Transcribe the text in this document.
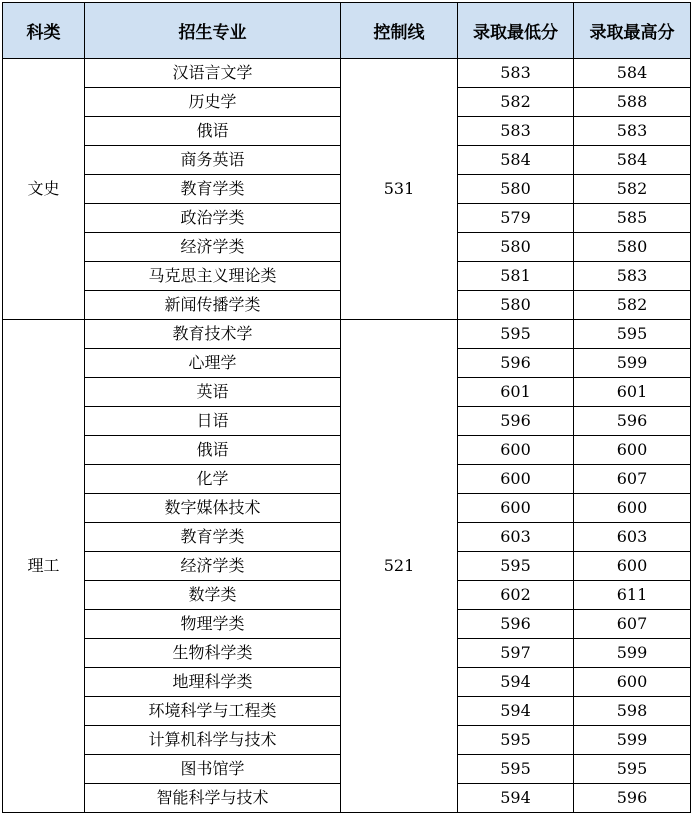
科类	招生专业	控制线	录取最低分	录取最高分
文史	汉语言文学	531	583	584
	历史学		582	588
	俄语		583	583
	商务英语		584	584
	教育学类		580	582
	政治学类		579	585
	经济学类		580	580
	马克思主义理论类		581	583
	新闻传播学类		580	582
理工	教育技术学	521	595	595
	心理学		596	599
	英语		601	601
	日语		596	596
	俄语		600	600
	化学		600	607
	数字媒体技术		600	600
	教育学类		603	603
	经济学类		595	600
	数学类		602	611
	物理学类		596	607
	生物科学类		597	599
	地理科学类		594	600
	环境科学与工程类		594	598
	计算机科学与技术		595	599
	图书馆学		595	595
	智能科学与技术		594	596
